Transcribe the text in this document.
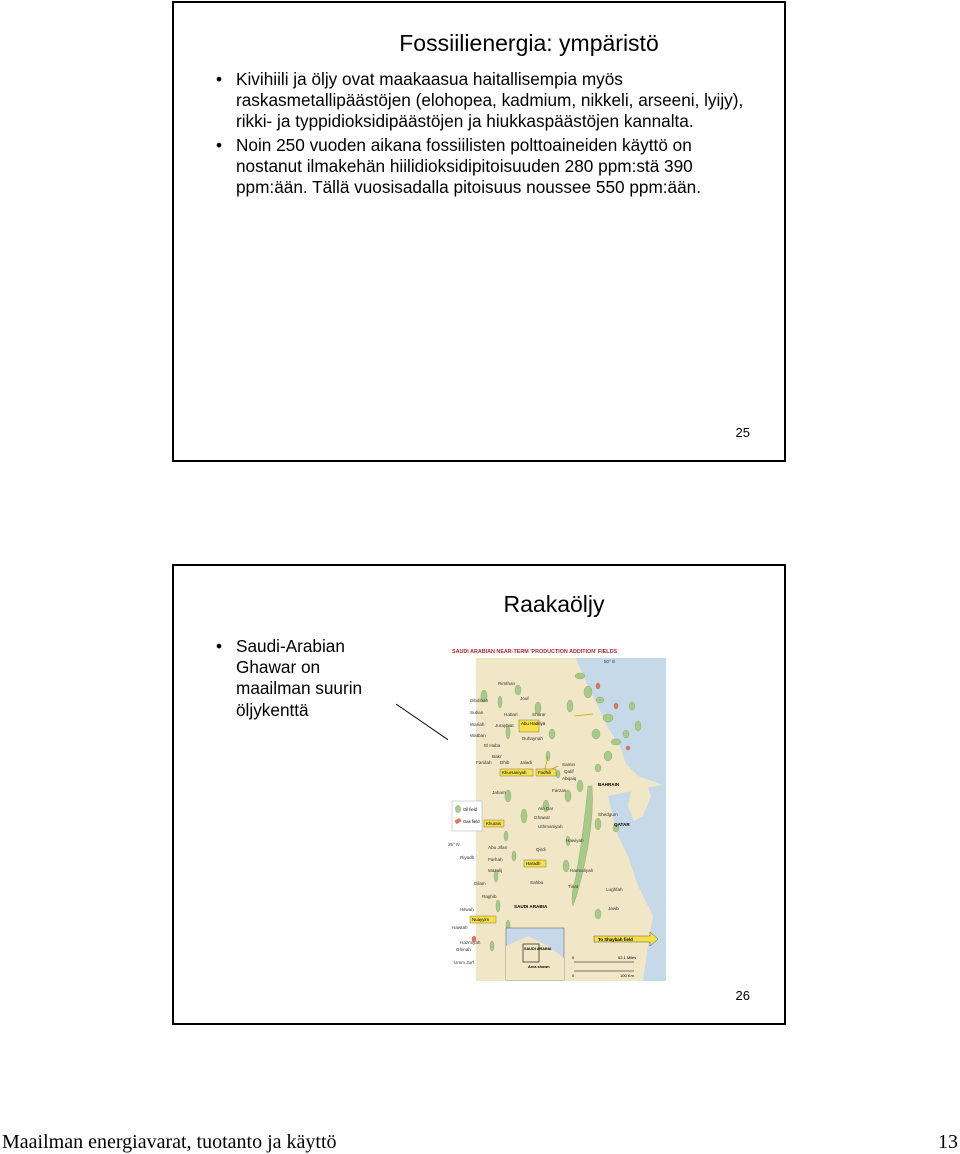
Fossiilienergia: ympäristö
• Kivihiili ja öljy ovat maakaasua haitallisempia myös raskasmetallipäästöjen (elohopea, kadmium, nikkeli, arseeni, lyijy), rikki- ja typpidioksidipäästöjen ja hiukkaspäästöjen kannalta.
• Noin 250 vuoden aikana fossiilisten polttoaineiden käyttö on nostanut ilmakehän hiilidioksidipitoisuuden 280 ppm:stä 390 ppm:ään. Tällä vuosisadalla pitoisuus noussee 550 ppm:ään.
25
Raakaöljy
• Saudi-Arabian Ghawar on maailman suurin öljykenttä
SAUDI ARABIAN NEAR-TERM 'PRODUCTION ADDITION' FIELDS
50° E
25° N
Rimthan
Dibdibah	Jouf
Suban	Habari	Sharar
Wariah Juraybiat
Watban
Duhaynah
El Haba
Bakr
Faridah Dhib Jaladi	Samin
Qatif
Abqaiq
Farzan
Jaham
Ain Dar
Ghawar
Uthmaniyah
Shedgum
Hawiyah
Abu Jifan	Qirdi
Riyadh	Farhah
Mazalij	Harmaliyah
Dilam	Sahba
Tinat
Lughfah
Raghib
Jawb
Hilwah
Hawtah
Hazmiyah
Ghinah
Umm Jurf
BAHRAIN
QATAR
SAUDI ARABIA
Abu Hadriya
Khursaniyah	Fadhili
Khurais
Haradh
Nuayyim
Oil field
Gas field
SAUDI ARABIA
Area shown
To Shaybah field
0
0
62,1 Miles
100 Km
26
Maailman energiavarat, tuotanto ja käyttö	13
